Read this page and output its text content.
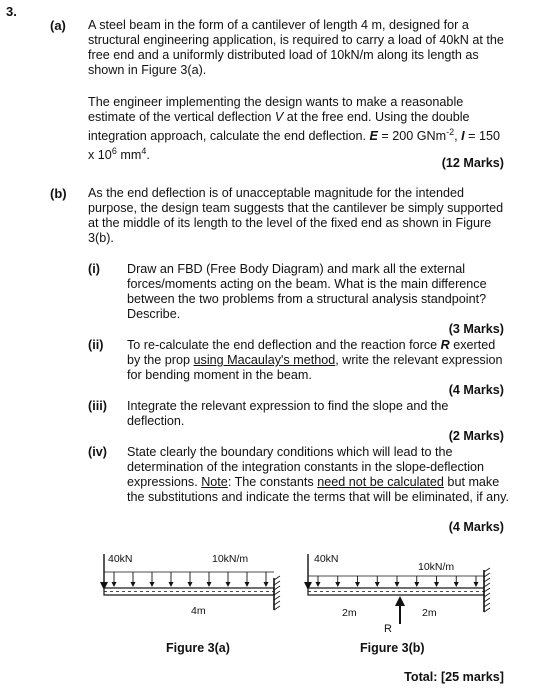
3.
(a) A steel beam in the form of a cantilever of length 4 m, designed for a structural engineering application, is required to carry a load of 40kN at the free end and a uniformly distributed load of 10kN/m along its length as shown in Figure 3(a).
The engineer implementing the design wants to make a reasonable estimate of the vertical deflection V at the free end. Using the double integration approach, calculate the end deflection. E = 200 GNm$^{-2}$, I = 150 x $10^6$ $mm^4$.
(12 Marks)
(b) As the end deflection is of unacceptable magnitude for the intended purpose, the design team suggests that the cantilever be simply supported at the middle of its length to the level of the fixed end as shown in Figure 3(b).
(i) Draw an FBD (Free Body Diagram) and mark all the external forces/moments acting on the beam. What is the main difference between the two problems from a structural analysis standpoint? Describe.
(3 Marks)
(ii) To re-calculate the end deflection and the reaction force R exerted by the prop using Macaulay's method, write the relevant expression for bending moment in the beam.
(4 Marks)
(iii) Integrate the relevant expression to find the slope and the deflection.
(2 Marks)
(iv) State clearly the boundary conditions which will lead to the determination of the integration constants in the slope-deflection expressions. Note: The constants need not be calculated but make the substitutions and indicate the terms that will be eliminated, if any.
(4 Marks)
40kN	10kN/m
4m
Figure 3(a)
40kN
10kN/m
2m	2m
R
Figure 3(b)
Total: [25 marks]
